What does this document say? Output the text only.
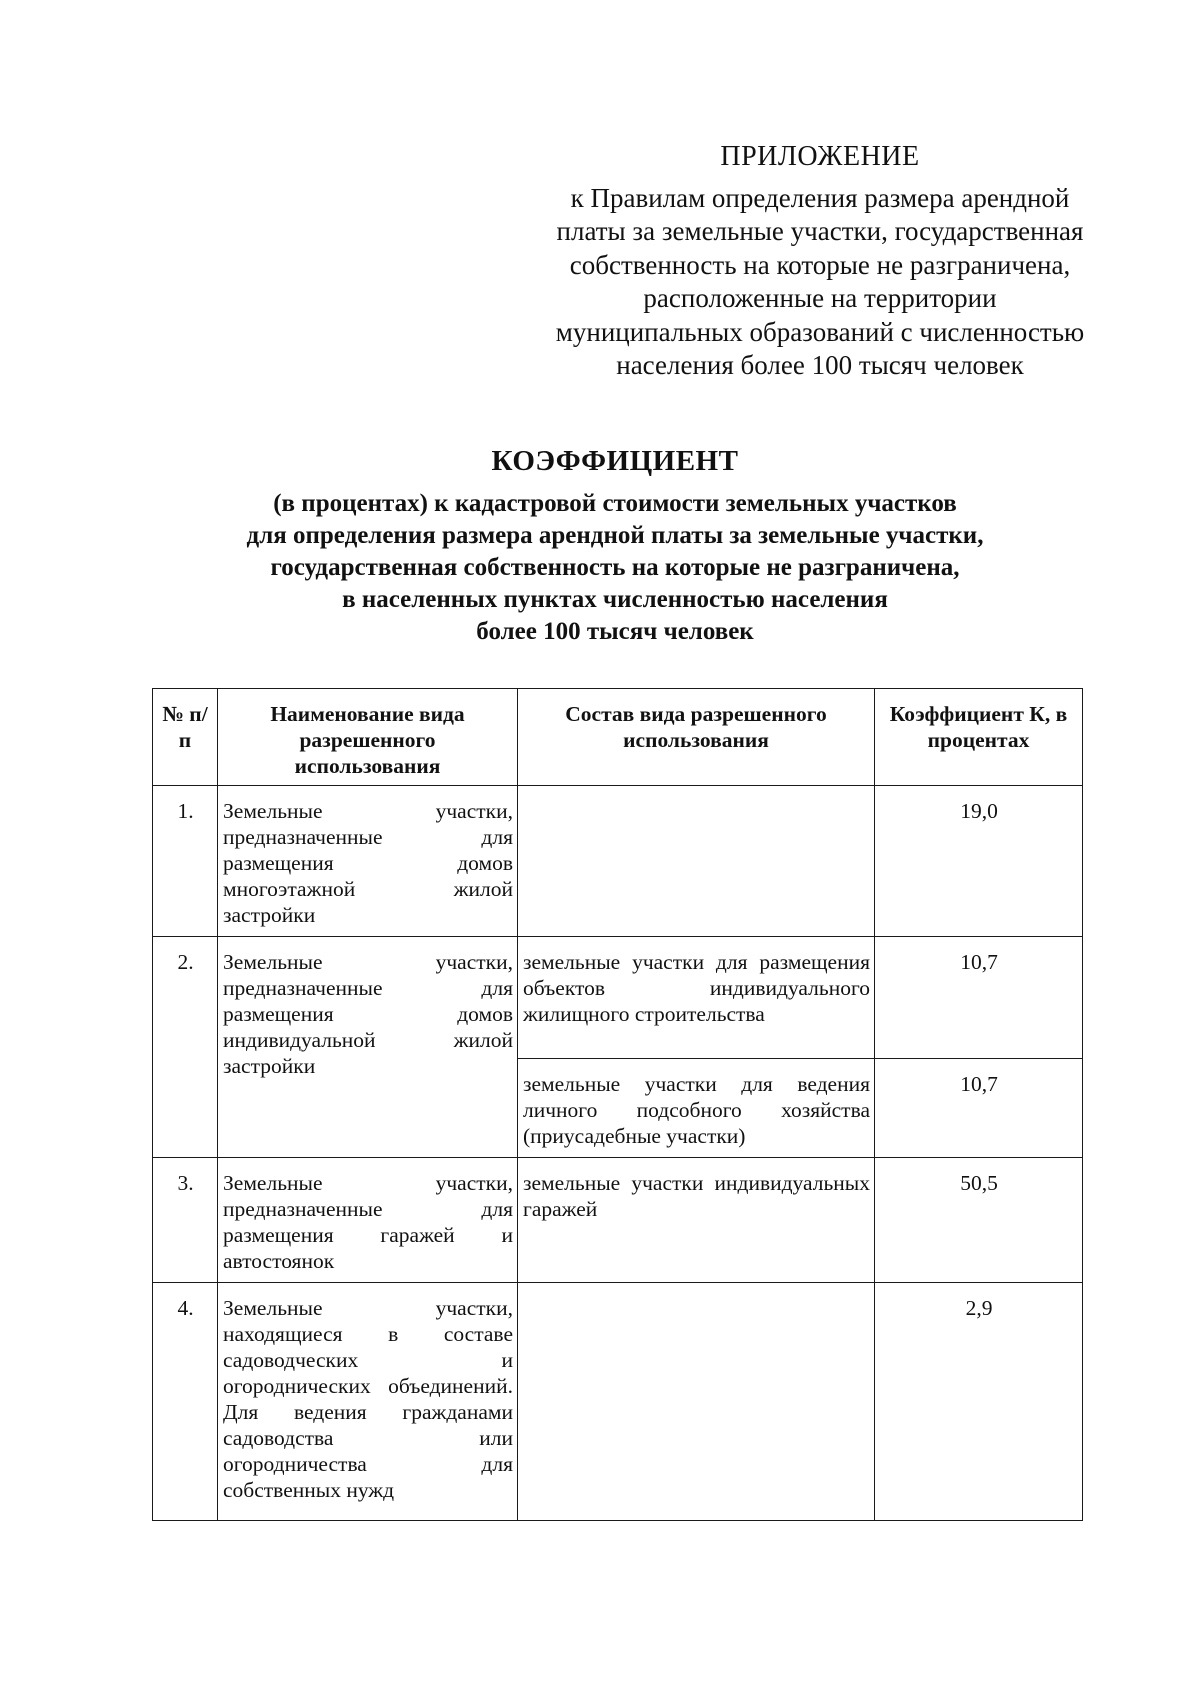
ПРИЛОЖЕНИЕ
к Правилам определения размера арендной
платы за земельные участки, государственная
собственность на которые не разграничена,
расположенные на территории
муниципальных образований с численностью
населения более 100 тысяч человек
КОЭФФИЦИЕНТ
(в процентах) к кадастровой стоимости земельных участков
для определения размера арендной платы за земельные участки,
государственная собственность на которые не разграничена,
в населенных пунктах численностью населения
более 100 тысяч человек
№ п/п	Наименование вида разрешенного использования	Состав вида разрешенного использования	Коэффициент К, в процентах
1.	Земельные участки, предназначенные для размещения домов многоэтажной жилой застройки		19,0
2.	Земельные участки, предназначенные для размещения домов индивидуальной жилой застройки	земельные участки для размещения объектов индивидуального жилищного строительства	10,7
		земельные участки для ведения личного подсобного хозяйства (приусадебные участки)	10,7
3.	Земельные участки, предназначенные для размещения гаражей и автостоянок	земельные участки индивидуальных гаражей	50,5
4.	Земельные участки, находящиеся в составе садоводческих и огороднических объединений. Для ведения гражданами садоводства или огородничества для собственных нужд		2,9
